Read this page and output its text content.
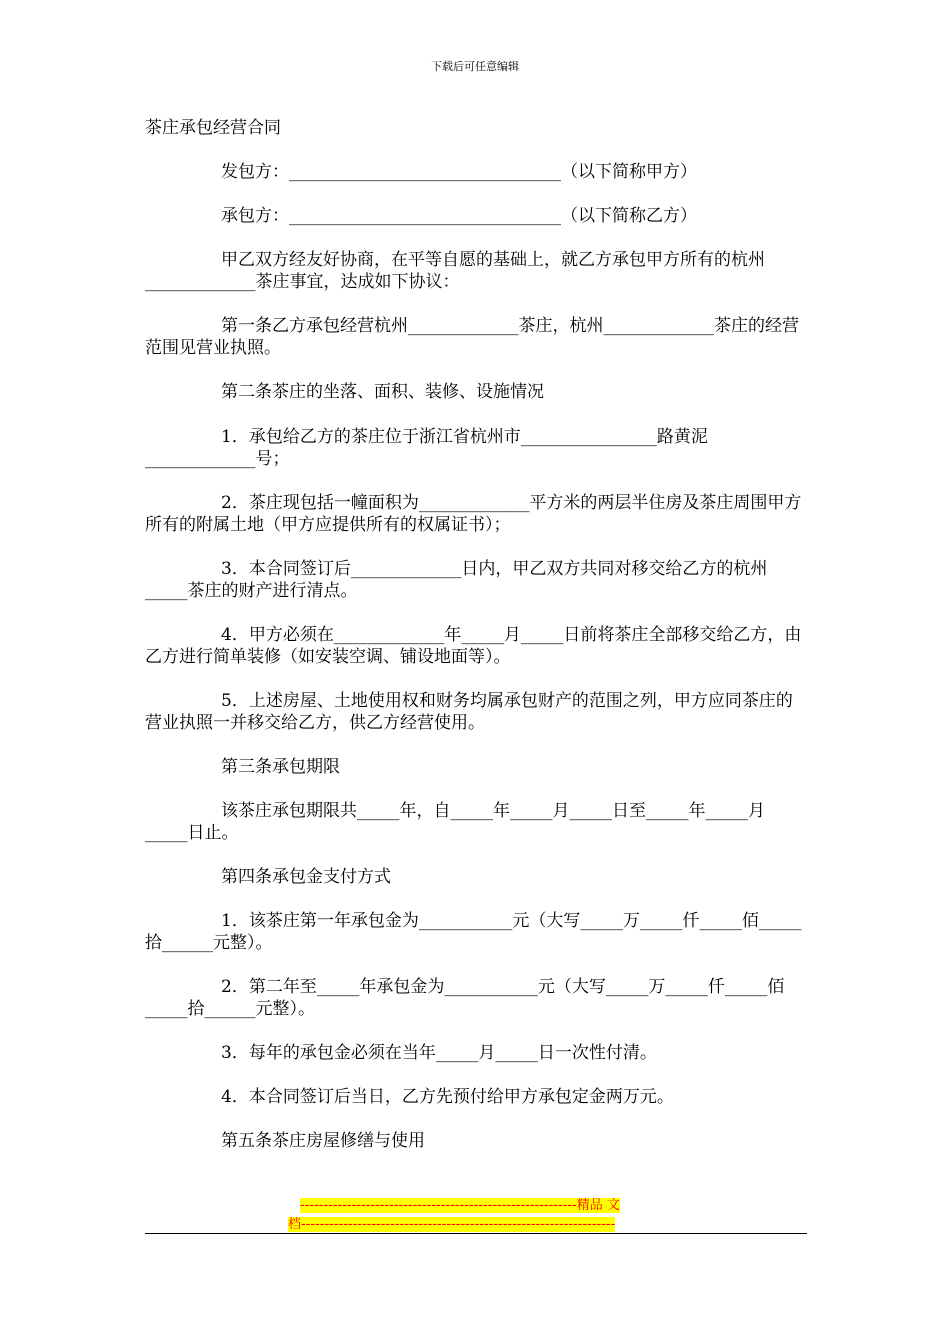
下载后可任意编辑
茶庄承包经营合同

发包方：________________________________（以下简称甲方）

承包方：________________________________（以下简称乙方）

甲乙双方经友好协商，在平等自愿的基础上，就乙方承包甲方所有的杭州_____________茶庄事宜，达成如下协议：

第一条乙方承包经营杭州_____________茶庄，杭州_____________茶庄的经营范围见营业执照。

第二条茶庄的坐落、面积、装修、设施情况

1．承包给乙方的茶庄位于浙江省杭州市________________路黄泥_____________号；

2．茶庄现包括一幢面积为_____________平方米的两层半住房及茶庄周围甲方所有的附属土地（甲方应提供所有的权属证书）；

3．本合同签订后_____________日内，甲乙双方共同对移交给乙方的杭州_____茶庄的财产进行清点。

4．甲方必须在_____________年_____月_____日前将茶庄全部移交给乙方，由乙方进行简单装修（如安装空调、铺设地面等）。

5．上述房屋、土地使用权和财务均属承包财产的范围之列，甲方应同茶庄的营业执照一并移交给乙方，供乙方经营使用。

第三条承包期限

该茶庄承包期限共_____年，自_____年_____月_____日至_____年_____月_____日止。

第四条承包金支付方式

1．该茶庄第一年承包金为___________元（大写_____万_____仟_____佰_____拾______元整）。

2．第二年至_____年承包金为___________元（大写_____万_____仟_____佰_____拾______元整）。

3．每年的承包金必须在当年_____月_____日一次性付清。

4．本合同签订后当日，乙方先预付给甲方承包定金两万元。

第五条茶庄房屋修缮与使用

-----------------------------------------------------------精品 文
档-------------------------------------------------------------------
